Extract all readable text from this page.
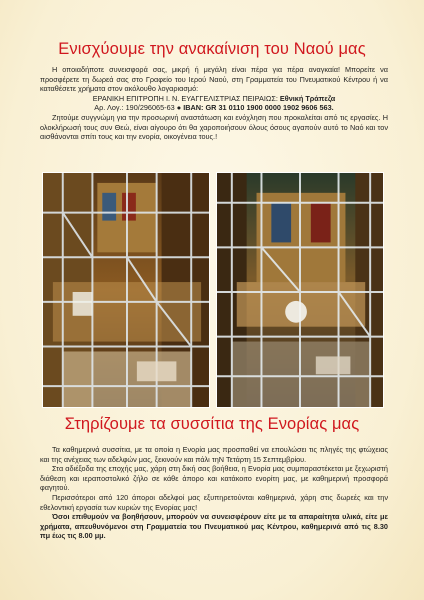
Ενισχύουμε την ανακαίνιση του Ναού μας

Η οποιαδήποτε συνεισφορά σας, μικρή ή μεγάλη είναι πέρα για πέρα αναγκαία! Μπορείτε να προσφέρετε τη δωρεά σας στο Γραφείο του Ιερού Ναού, στη Γραμματεία του Πνευματικού Κέντρου ή να καταθέσετε χρήματα στον ακόλουθο λογαριασμό:

ΕΡΑΝΙΚΗ ΕΠΙΤΡΟΠΗ Ι. Ν. ΕΥΑΓΓΕΛΙΣΤΡΙΑΣ ΠΕΙΡΑΙΩΣ: Εθνική Τράπεζα

Αρ. Λογ.: 190/296065-63 ● IBAN: GR 31 0110 1900 0000 1902 9606 563.

Ζητούμε συγγνώμη για την προσωρινή αναστάτωση και ενόχληση που προκαλείται από τις εργασίες. Η ολοκλήρωσή τους συν Θεώ, είναι αίγουρο ότι θα χαροποιήσουν όλους όσους αγαπούν αυτό το Ναό και τον αισθάνονται σπίτι τους και την ενορία, οικογένεια τους.!

Στηρίζουμε τα συσσίτια της Ενορίας μας

Τα καθημερινά συσσίτια, με τα οποία η Ενορία μας προσπαθεί να επουλώσει τις πληγές της φτώχειας και της ανέχειας των αδελφών μας, ξεκινούν και πάλι τηΝ Τετάρτη 15 Σεπτεμβρίου.

Στα αδιέξοδα της εποχής μας, χάρη στη δική σας βοήθεια, η Ενορία μας συμπαραστέκεται με ξεχωριστή διάθεση και ιεραποστολικό ζήλο σε κάθε άπορο και κατάκοιτο ενορίτη μας, με καθημερινή προσφορά φαγητού.

Περισσότεροι από 120 άποροι αδελφοί μας εξυπηρετούνται καθημερινά, χάρη στις δωρεές και την εθελοντική εργασία των κυριών της Ενορίας μας!

Όσοι επιθυμούν να βοηθήσουν, μπορούν να συνεισφέρουν είτε με τα απαραίτητα υλικά, είτε με χρήματα, απευθυνόμενοι στη Γραμματεία του Πνευματικού μας Κέντρου, καθημερινά από τις 8.30 πμ έως τις 8.00 μμ.
